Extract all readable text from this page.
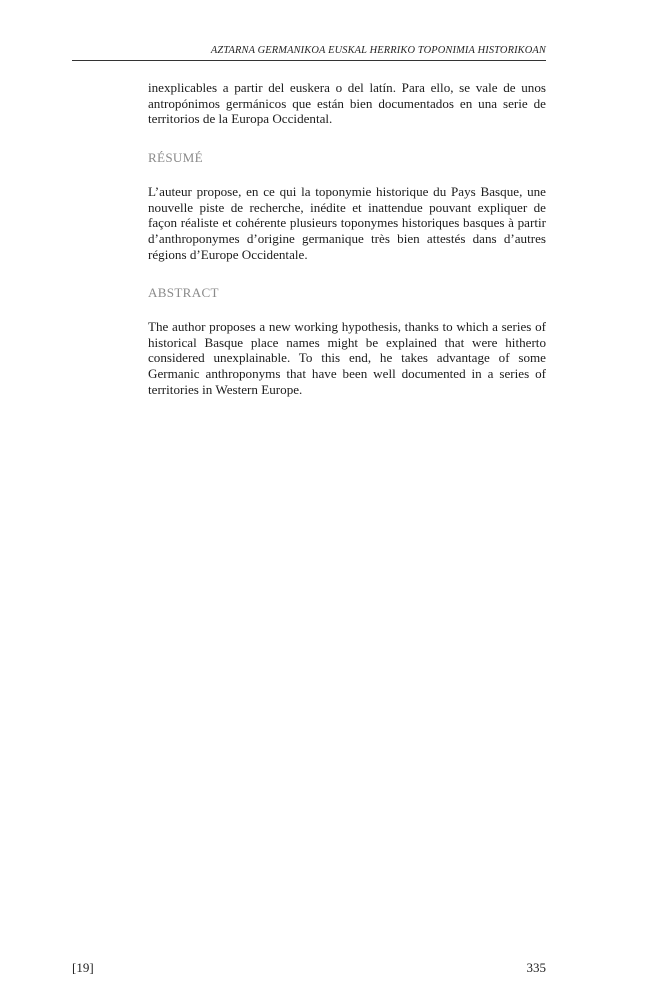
AZTARNA GERMANIKOA EUSKAL HERRIKO TOPONIMIA HISTORIKOAN

inexplicables a partir del euskera o del latín. Para ello, se vale de unos antropónimos germánicos que están bien documentados en una serie de territorios de la Europa Occidental.

RÉSUMÉ

L’auteur propose, en ce qui la toponymie historique du Pays Basque, une nouvelle piste de recherche, inédite et inattendue pouvant expliquer de façon réaliste et cohérente plusieurs toponymes historiques basques à partir d’anthroponymes d’origine germanique très bien attestés dans d’autres régions d’Europe Occidentale.

ABSTRACT

The author proposes a new working hypothesis, thanks to which a series of historical Basque place names might be explained that were hitherto considered unexplainable. To this end, he takes advantage of some Germanic anthroponyms that have been well documented in a series of territories in Western Europe.

[19]	335
